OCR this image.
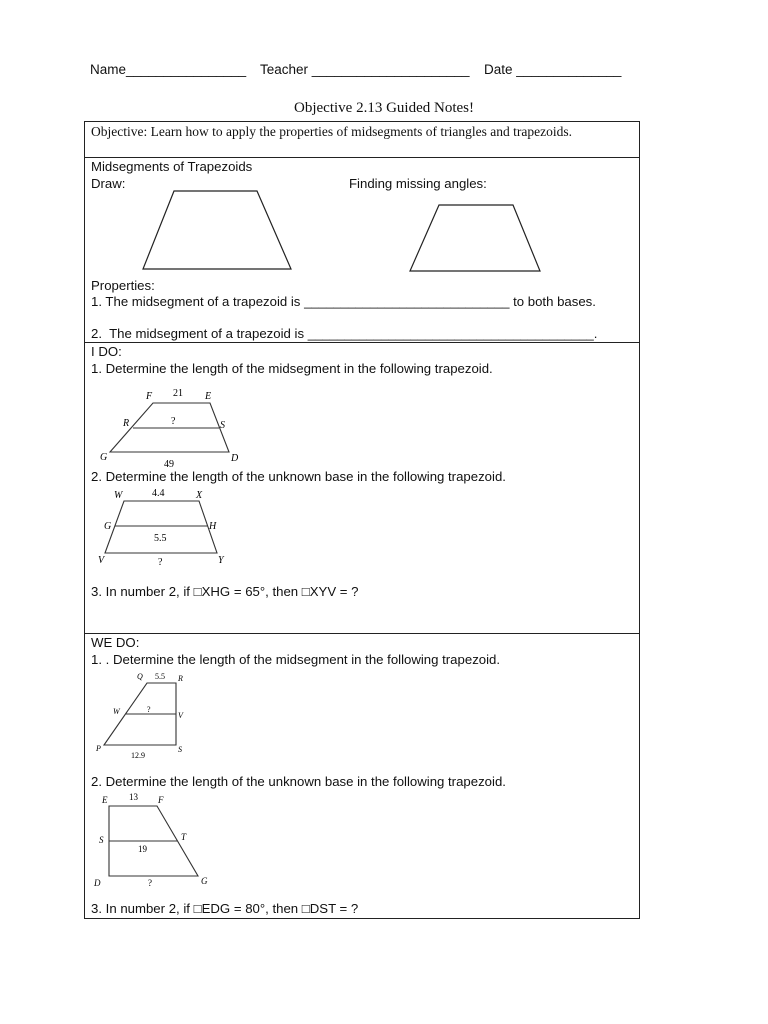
Name________________ Teacher _____________________ Date ______________
Objective 2.13 Guided Notes!
Objective: Learn how to apply the properties of midsegments of triangles and trapezoids.
Midsegments of Trapezoids
Draw:	Finding missing angles:
Properties:
1. The midsegment of a trapezoid is ____________________________ to both bases.
2.  The midsegment of a trapezoid is _______________________________________.
I DO:
1. Determine the length of the midsegment in the following trapezoid.
2. Determine the length of the unknown base in the following trapezoid.
3. In number 2, if □XHG = 65°, then □XYV = ?
F	E
R	S
G	D
21
?
49
W	X
G	H
V	Y
4.4
5.5
?
WE DO:
1. . Determine the length of the midsegment in the following trapezoid.
2. Determine the length of the unknown base in the following trapezoid.
3. In number 2, if □EDG = 80°, then □DST = ?
Q	R
5.5
W	V
?
P	S
12.9
E	F
13
S	T
19
D	G
?
